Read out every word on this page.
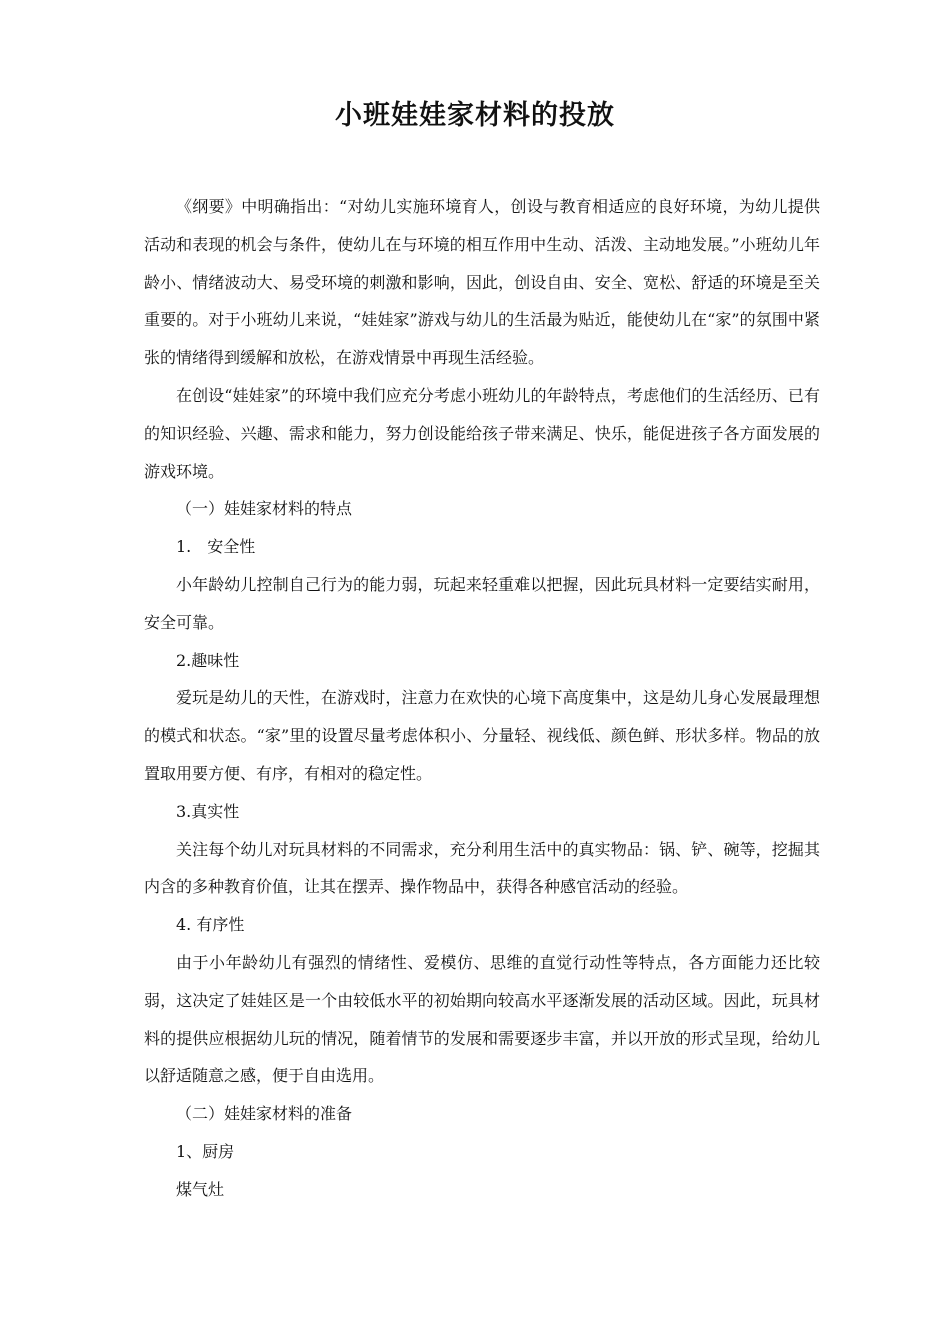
小班娃娃家材料的投放

《纲要》中明确指出：“对幼儿实施环境育人，创设与教育相适应的良好环境，为幼儿提供活动和表现的机会与条件，使幼儿在与环境的相互作用中生动、活泼、主动地发展。”小班幼儿年龄小、情绪波动大、易受环境的刺激和影响，因此，创设自由、安全、宽松、舒适的环境是至关重要的。对于小班幼儿来说，“娃娃家”游戏与幼儿的生活最为贴近，能使幼儿在“家”的氛围中紧张的情绪得到缓解和放松，在游戏情景中再现生活经验。

在创设“娃娃家”的环境中我们应充分考虑小班幼儿的年龄特点，考虑他们的生活经历、已有的知识经验、兴趣、需求和能力，努力创设能给孩子带来满足、快乐，能促进孩子各方面发展的游戏环境。

（一）娃娃家材料的特点

1.　安全性

小年龄幼儿控制自己行为的能力弱，玩起来轻重难以把握，因此玩具材料一定要结实耐用，安全可靠。

2.趣味性

爱玩是幼儿的天性，在游戏时，注意力在欢快的心境下高度集中，这是幼儿身心发展最理想的模式和状态。“家”里的设置尽量考虑体积小、分量轻、视线低、颜色鲜、形状多样。物品的放置取用要方便、有序，有相对的稳定性。

3.真实性

关注每个幼儿对玩具材料的不同需求，充分利用生活中的真实物品：锅、铲、碗等，挖掘其内含的多种教育价值，让其在摆弄、操作物品中，获得各种感官活动的经验。

4. 有序性

由于小年龄幼儿有强烈的情绪性、爱模仿、思维的直觉行动性等特点，各方面能力还比较弱，这决定了娃娃区是一个由较低水平的初始期向较高水平逐渐发展的活动区域。因此，玩具材料的提供应根据幼儿玩的情况，随着情节的发展和需要逐步丰富，并以开放的形式呈现，给幼儿以舒适随意之感，便于自由选用。

（二）娃娃家材料的准备

1、厨房

煤气灶
